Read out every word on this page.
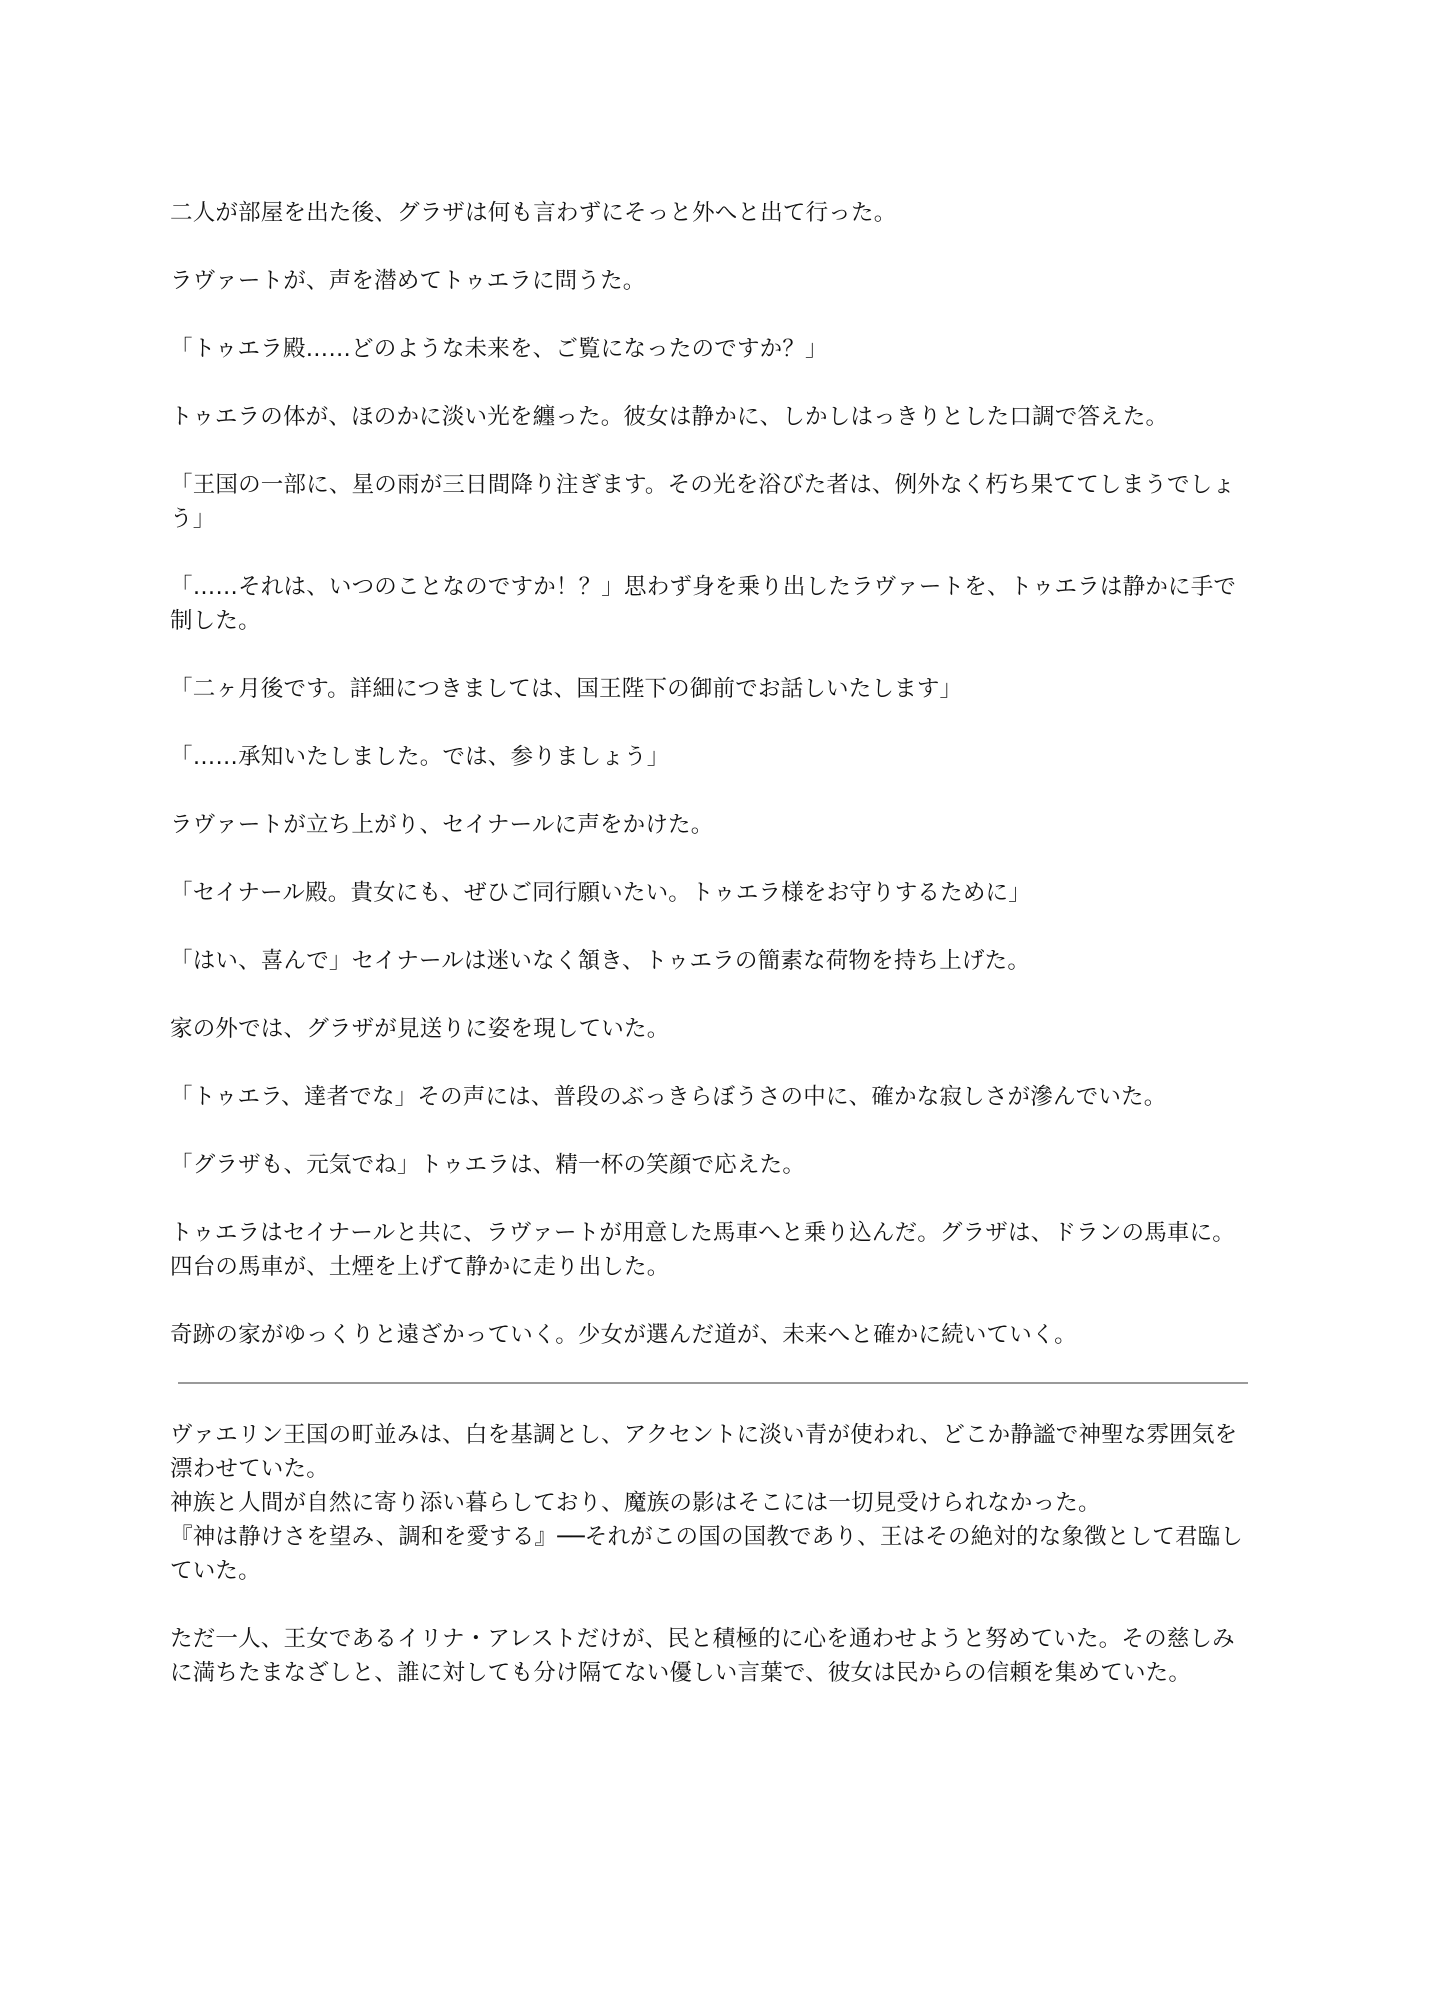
二人が部屋を出た後、グラザは何も言わずにそっと外へと出て行った。

ラヴァートが、声を潜めてトゥエラに問うた。

「トゥエラ殿……どのような未来を、ご覧になったのですか？」

トゥエラの体が、ほのかに淡い光を纏った。彼女は静かに、しかしはっきりとした口調で答えた。

「王国の一部に、星の雨が三日間降り注ぎます。その光を浴びた者は、例外なく朽ち果ててしまうでしょう」

「……それは、いつのことなのですか！？」思わず身を乗り出したラヴァートを、トゥエラは静かに手で制した。

「二ヶ月後です。詳細につきましては、国王陛下の御前でお話しいたします」

「……承知いたしました。では、参りましょう」

ラヴァートが立ち上がり、セイナールに声をかけた。

「セイナール殿。貴女にも、ぜひご同行願いたい。トゥエラ様をお守りするために」

「はい、喜んで」セイナールは迷いなく頷き、トゥエラの簡素な荷物を持ち上げた。

家の外では、グラザが見送りに姿を現していた。

「トゥエラ、達者でな」その声には、普段のぶっきらぼうさの中に、確かな寂しさが滲んでいた。

「グラザも、元気でね」トゥエラは、精一杯の笑顔で応えた。

トゥエラはセイナールと共に、ラヴァートが用意した馬車へと乗り込んだ。グラザは、ドランの馬車に。四台の馬車が、土煙を上げて静かに走り出した。

奇跡の家がゆっくりと遠ざかっていく。少女が選んだ道が、未来へと確かに続いていく。

ヴァエリン王国の町並みは、白を基調とし、アクセントに淡い青が使われ、どこか静謐で神聖な雰囲気を漂わせていた。

神族と人間が自然に寄り添い暮らしており、魔族の影はそこには一切見受けられなかった。

『神は静けさを望み、調和を愛する』──それがこの国の国教であり、王はその絶対的な象徴として君臨していた。

ただ一人、王女であるイリナ・アレストだけが、民と積極的に心を通わせようと努めていた。その慈しみに満ちたまなざしと、誰に対しても分け隔てない優しい言葉で、彼女は民からの信頼を集めていた。
